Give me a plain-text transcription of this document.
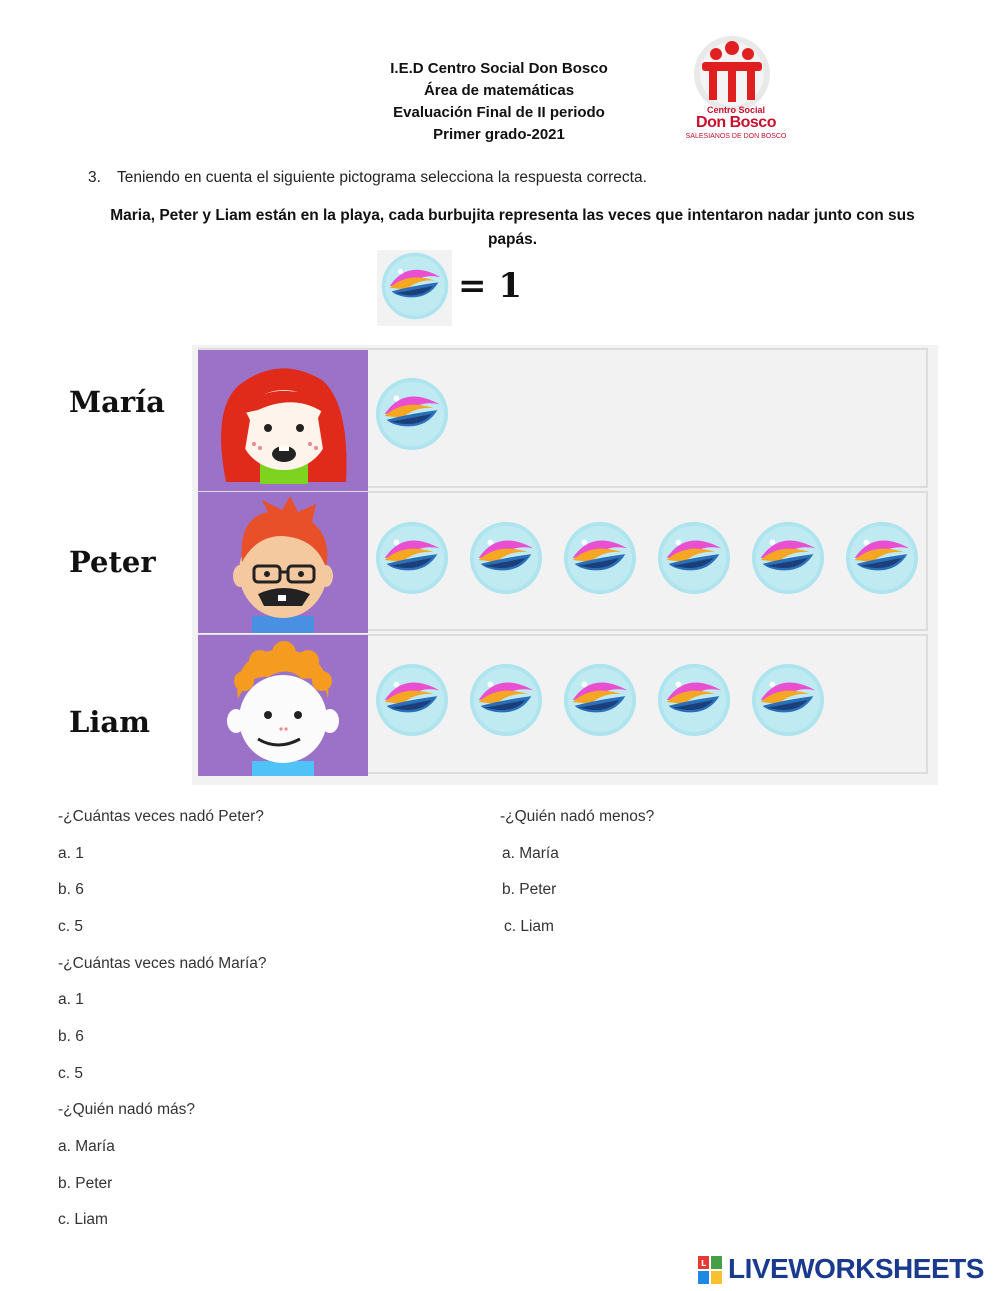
I.E.D Centro Social Don Bosco
Área de matemáticas
Evaluación Final de II periodo
Primer grado-2021
Centro Social
Don Bosco
SALESIANOS DE DON BOSCO
3. Teniendo en cuenta el siguiente pictograma selecciona la respuesta correcta.
Maria, Peter y Liam están en la playa, cada burbujita representa las veces que intentaron nadar junto con sus
papás.
= 1
María
Peter
Liam
-¿Cuántas veces nadó Peter?
a. 1
b. 6
c. 5
-¿Cuántas veces nadó María?
a. 1
b. 6
c. 5
-¿Quién nadó más?
a. María
b. Peter
c. Liam
-¿Quién nadó menos?
a. María
b. Peter
c. Liam
L LIVEWORKSHEETS
